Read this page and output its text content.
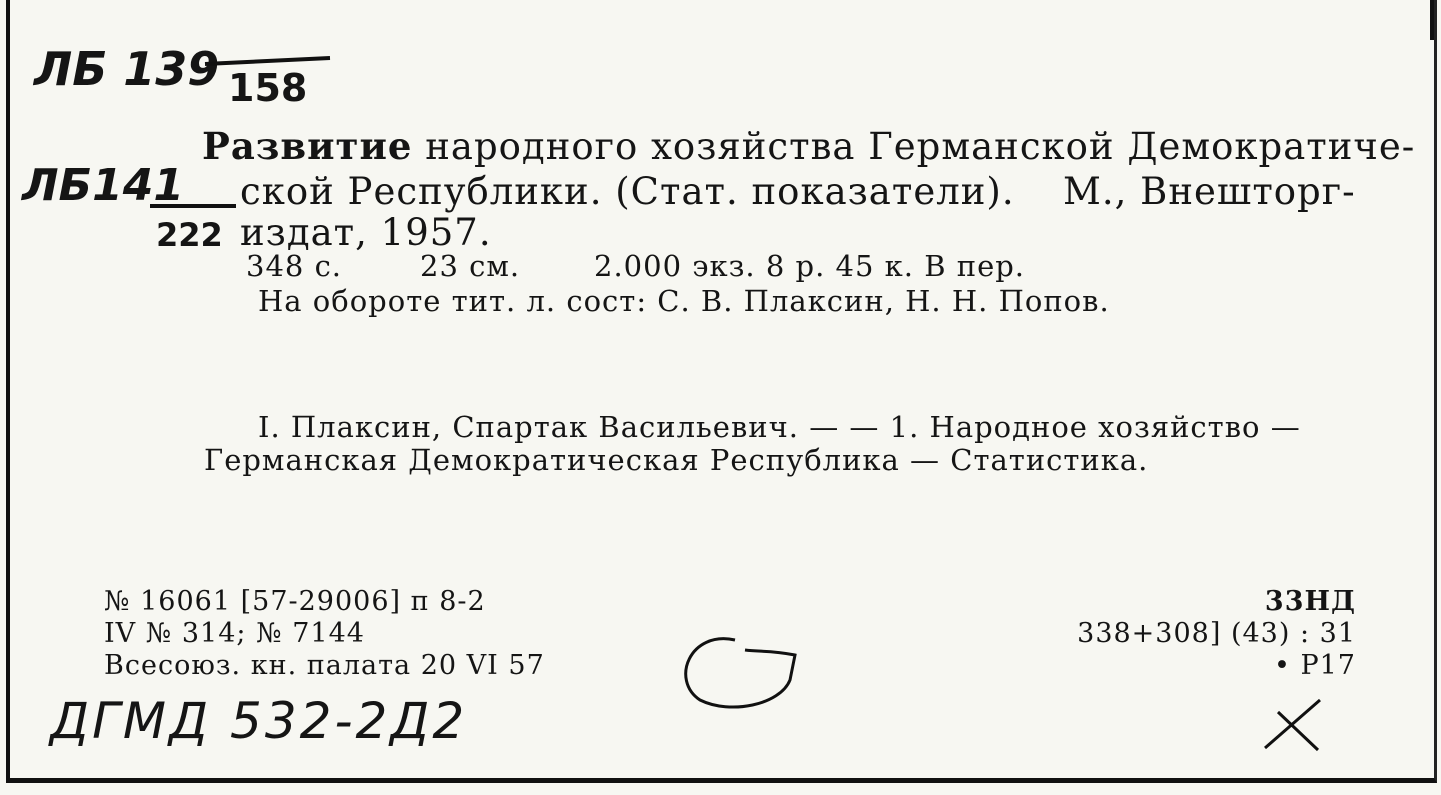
ЛБ 139 158
ЛБ141
222
ДГМД 532-2Д2
Развитие народного хозяйства Германской Демократиче-
ской Республики. (Стат. показатели). М., Внешторг-
издат, 1957.
348 с.	23 см.	2.000 экз. 8 р. 45 к. В пер.
На обороте тит. л. сост: С. В. Плаксин, Н. Н. Попов.
I. Плаксин, Спартак Васильевич. — — 1. Народное хозяйство —
Германская Демократическая Республика — Статистика.
№ 16061 [57-29006] п 8-2
IV № 314; № 7144
Всесоюз. кн. палата 20 VI 57
33НД
338+308] (43) : 31
• Р17
